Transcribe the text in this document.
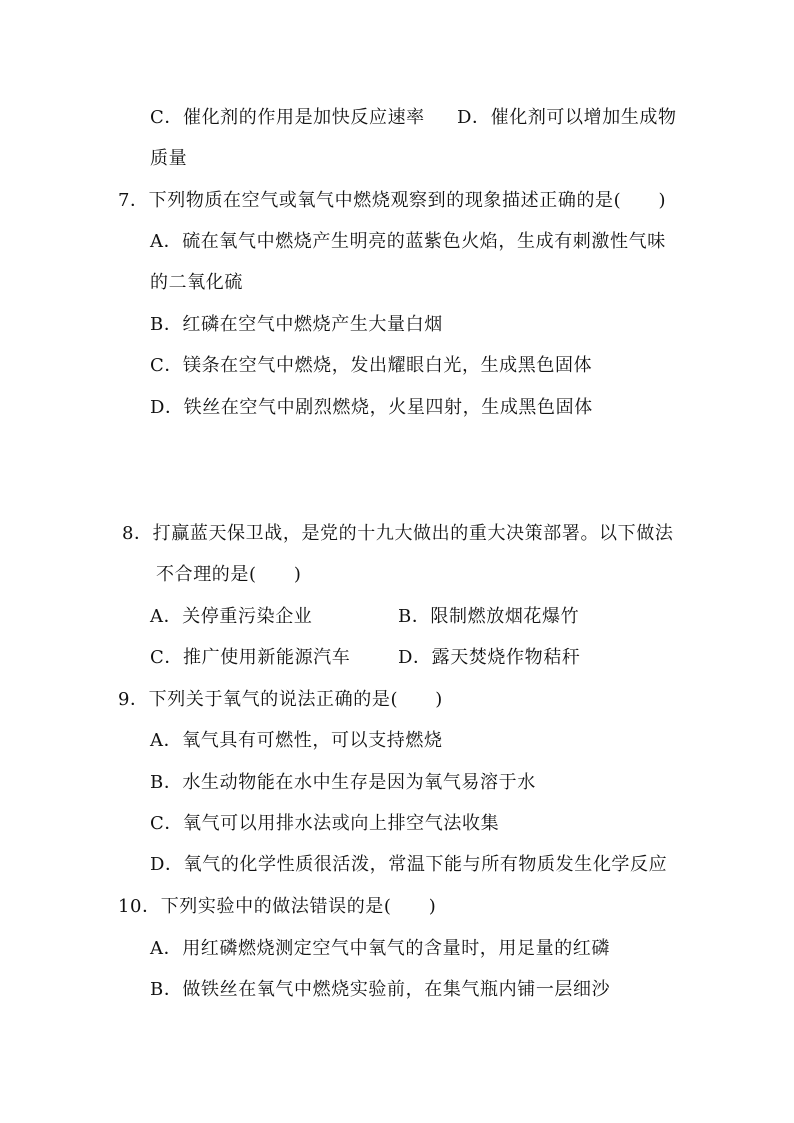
C．催化剂的作用是加快反应速率 D．催化剂可以增加生成物
质量
7．下列物质在空气或氧气中燃烧观察到的现象描述正确的是(　　)
A．硫在氧气中燃烧产生明亮的蓝紫色火焰，生成有刺激性气味
的二氧化硫
B．红磷在空气中燃烧产生大量白烟
C．镁条在空气中燃烧，发出耀眼白光，生成黑色固体
D．铁丝在空气中剧烈燃烧，火星四射，生成黑色固体
8．打赢蓝天保卫战，是党的十九大做出的重大决策部署。以下做法
不合理的是(　　)
A．关停重污染企业	B．限制燃放烟花爆竹
C．推广使用新能源汽车	D．露天焚烧作物秸秆
9．下列关于氧气的说法正确的是(　　)
A．氧气具有可燃性，可以支持燃烧
B．水生动物能在水中生存是因为氧气易溶于水
C．氧气可以用排水法或向上排空气法收集
D．氧气的化学性质很活泼，常温下能与所有物质发生化学反应
10．下列实验中的做法错误的是(　　)
A．用红磷燃烧测定空气中氧气的含量时，用足量的红磷
B．做铁丝在氧气中燃烧实验前，在集气瓶内铺一层细沙
